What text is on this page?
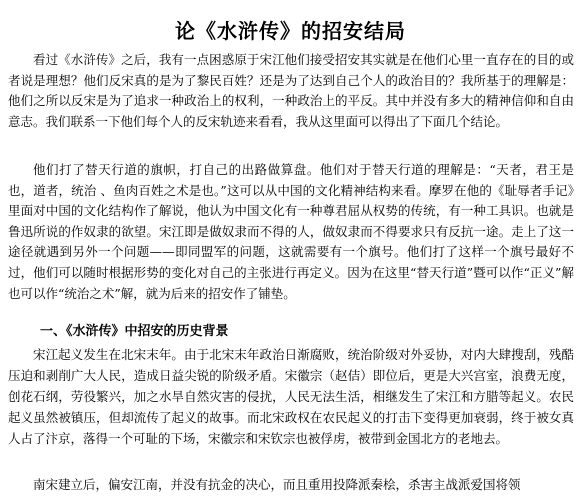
论《水浒传》的招安结局

看过《水浒传》之后，我有一点困惑原于宋江他们接受招安其实就是在他们心里一直存在的目的或者说是理想？他们反宋真的是为了黎民百姓？还是为了达到自己个人的政治目的？我所基于的理解是：他们之所以反宋是为了追求一种政治上的权利，一种政治上的平反。其中并没有多大的精神信仰和自由意志。我们联系一下他们每个人的反宋轨迹来看看，我从这里面可以得出了下面几个结论。

他们打了替天行道的旗帜，打自己的出路做算盘。他们对于替天行道的理解是：“天者，君王是也，道者，统治 、鱼肉百姓之术是也。”这可以从中国的文化精神结构来看。摩罗在他的《耻辱者手记》里面对中国的文化结构作了解说，他认为中国文化有一种尊君屈从权势的传统，有一种工具识。也就是鲁迅所说的作奴隶的欲望。宋江即是做奴隶而不得的人，做奴隶而不得要求只有反抗一途。走上了这一途径就遇到另外一个问题——即同盟军的问题，这就需要有一个旗号。他们打了这样一个旗号最好不过，他们可以随时根据形势的变化对自己的主张进行再定义。因为在这里“替天行道”暨可以作“正义”解也可以作“统治之术”解，就为后来的招安作了铺垫。

一、《水浒传》中招安的历史背景

宋江起义发生在北宋末年。由于北宋末年政治日渐腐败，统治阶级对外妥协，对内大肆搜刮，残酷压迫和剥削广大人民，造成日益尖锐的阶级矛盾。宋徽宗（赵佶）即位后，更是大兴宫室，浪费无度，创花石纲，劳役繁兴，加之水旱自然灾害的侵扰，人民无法生活，相继发生了宋江和方腊等起义。农民起义虽然被镇压，但却流传了起义的故事。而北宋政权在农民起义的打击下变得更加衰弱，终于被女真人占了汴京，落得一个可耻的下场，宋徽宗和宋钦宗也被俘虏，被带到金国北方的老地去。

南宋建立后，偏安江南，并没有抗金的决心，而且重用投降派秦桧，杀害主战派爱国将领
